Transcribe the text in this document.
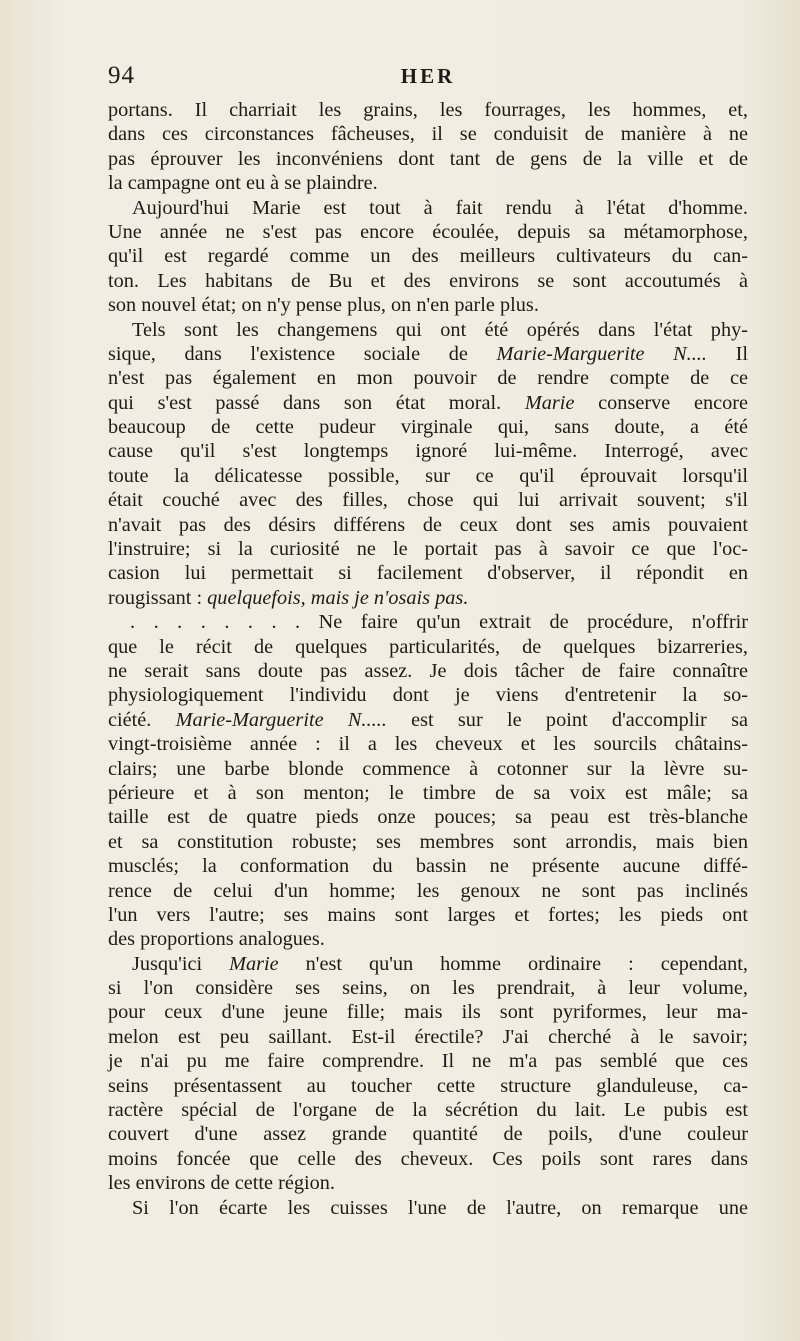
94	HER
portans. Il charriait les grains, les fourrages, les hommes, et,
dans ces circonstances fâcheuses, il se conduisit de manière à ne
pas éprouver les inconvéniens dont tant de gens de la ville et de
la campagne ont eu à se plaindre.
Aujourd'hui Marie est tout à fait rendu à l'état d'homme.
Une année ne s'est pas encore écoulée, depuis sa métamorphose,
qu'il est regardé comme un des meilleurs cultivateurs du can-
ton. Les habitans de Bu et des environs se sont accoutumés à
son nouvel état; on n'y pense plus, on n'en parle plus.
Tels sont les changemens qui ont été opérés dans l'état phy-
sique, dans l'existence sociale de Marie-Marguerite N.... Il
n'est pas également en mon pouvoir de rendre compte de ce
qui s'est passé dans son état moral. Marie conserve encore
beaucoup de cette pudeur virginale qui, sans doute, a été
cause qu'il s'est longtemps ignoré lui-même. Interrogé, avec
toute la délicatesse possible, sur ce qu'il éprouvait lorsqu'il
était couché avec des filles, chose qui lui arrivait souvent; s'il
n'avait pas des désirs différens de ceux dont ses amis pouvaient
l'instruire; si la curiosité ne le portait pas à savoir ce que l'oc-
casion lui permettait si facilement d'observer, il répondit en
rougissant : quelquefois, mais je n'osais pas.
. . . . . . . . Ne faire qu'un extrait de procédure, n'offrir
que le récit de quelques particularités, de quelques bizarreries,
ne serait sans doute pas assez. Je dois tâcher de faire connaître
physiologiquement l'individu dont je viens d'entretenir la so-
ciété. Marie-Marguerite N..... est sur le point d'accomplir sa
vingt-troisième année : il a les cheveux et les sourcils châtains-
clairs; une barbe blonde commence à cotonner sur la lèvre su-
périeure et à son menton; le timbre de sa voix est mâle; sa
taille est de quatre pieds onze pouces; sa peau est très-blanche
et sa constitution robuste; ses membres sont arrondis, mais bien
musclés; la conformation du bassin ne présente aucune diffé-
rence de celui d'un homme; les genoux ne sont pas inclinés
l'un vers l'autre; ses mains sont larges et fortes; les pieds ont
des proportions analogues.
Jusqu'ici Marie n'est qu'un homme ordinaire : cependant,
si l'on considère ses seins, on les prendrait, à leur volume,
pour ceux d'une jeune fille; mais ils sont pyriformes, leur ma-
melon est peu saillant. Est-il érectile? J'ai cherché à le savoir;
je n'ai pu me faire comprendre. Il ne m'a pas semblé que ces
seins présentassent au toucher cette structure glanduleuse, ca-
ractère spécial de l'organe de la sécrétion du lait. Le pubis est
couvert d'une assez grande quantité de poils, d'une couleur
moins foncée que celle des cheveux. Ces poils sont rares dans
les environs de cette région.
Si l'on écarte les cuisses l'une de l'autre, on remarque une
